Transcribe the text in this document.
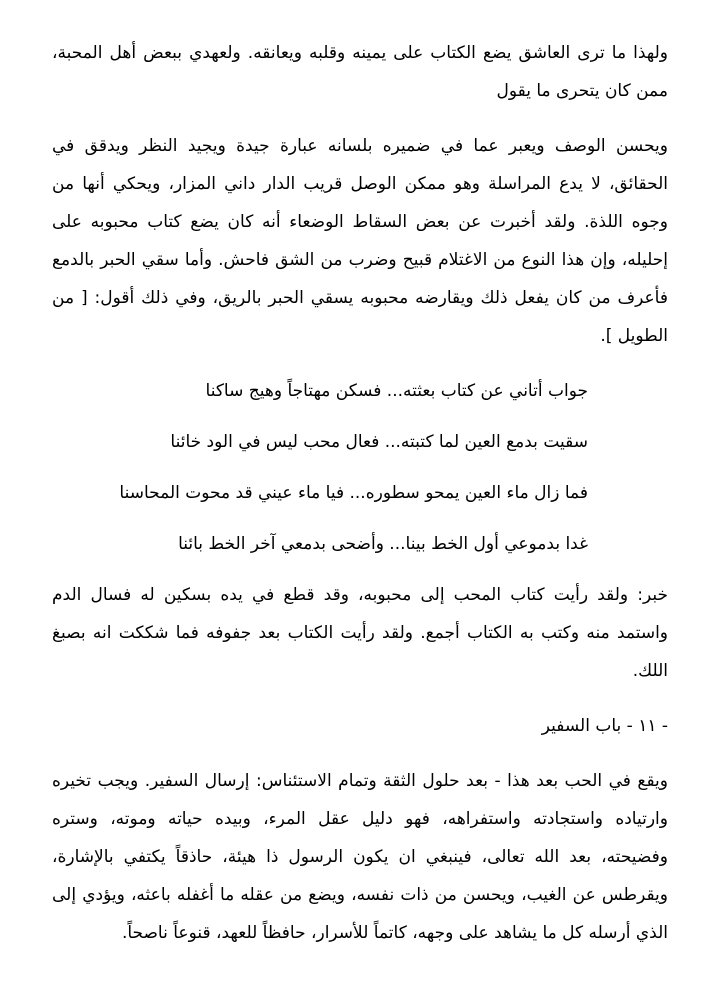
ولهذا ما ترى العاشق يضع الكتاب على يمينه وقلبه ويعانقه. ولعهدي ببعض أهل المحبة، ممن كان يتحرى ما يقول

ويحسن الوصف ويعبر عما في ضميره بلسانه عبارة جيدة ويجيد النظر ويدقق في الحقائق، لا يدع المراسلة وهو ممكن الوصل قريب الدار داني المزار، ويحكي أنها من وجوه اللذة. ولقد أخبرت عن بعض السقاط الوضعاء أنه كان يضع كتاب محبوبه على إحليله، وإن هذا النوع من الاغتلام قبيح وضرب من الشق فاحش. وأما سقي الحبر بالدمع فأعرف من كان يفعل ذلك ويقارضه محبوبه يسقي الحبر بالريق، وفي ذلك أقول: [ من الطويل ].

جواب أتاني عن كتاب بعثته... فسكن مهتاجاً وهيج ساكنا

سقيت بدمع العين لما كتبته... فعال محب ليس في الود خائنا

فما زال ماء العين يمحو سطوره... فيا ماء عيني قد محوت المحاسنا

غدا بدموعي أول الخط بينا... وأضحى بدمعي آخر الخط بائنا

خبر: ولقد رأيت كتاب المحب إلى محبوبه، وقد قطع في يده بسكين له فسال الدم واستمد منه وكتب به الكتاب أجمع. ولقد رأيت الكتاب بعد جفوفه فما شككت انه بصبغ اللك.

- ١١ - باب السفير

ويقع في الحب بعد هذا - بعد حلول الثقة وتمام الاستئناس: إرسال السفير. ويجب تخيره وارتياده واستجادته واستفراهه، فهو دليل عقل المرء، وبيده حياته وموته، وستره وفضيحته، بعد الله تعالى، فينبغي ان يكون الرسول ذا هيئة، حاذقاً يكتفي بالإشارة، ويقرطس عن الغيب، ويحسن من ذات نفسه، ويضع من عقله ما أغفله باعثه، ويؤدي إلى الذي أرسله كل ما يشاهد على وجهه، كاتماً للأسرار، حافظاً للعهد، قنوعاً ناصحاً.
